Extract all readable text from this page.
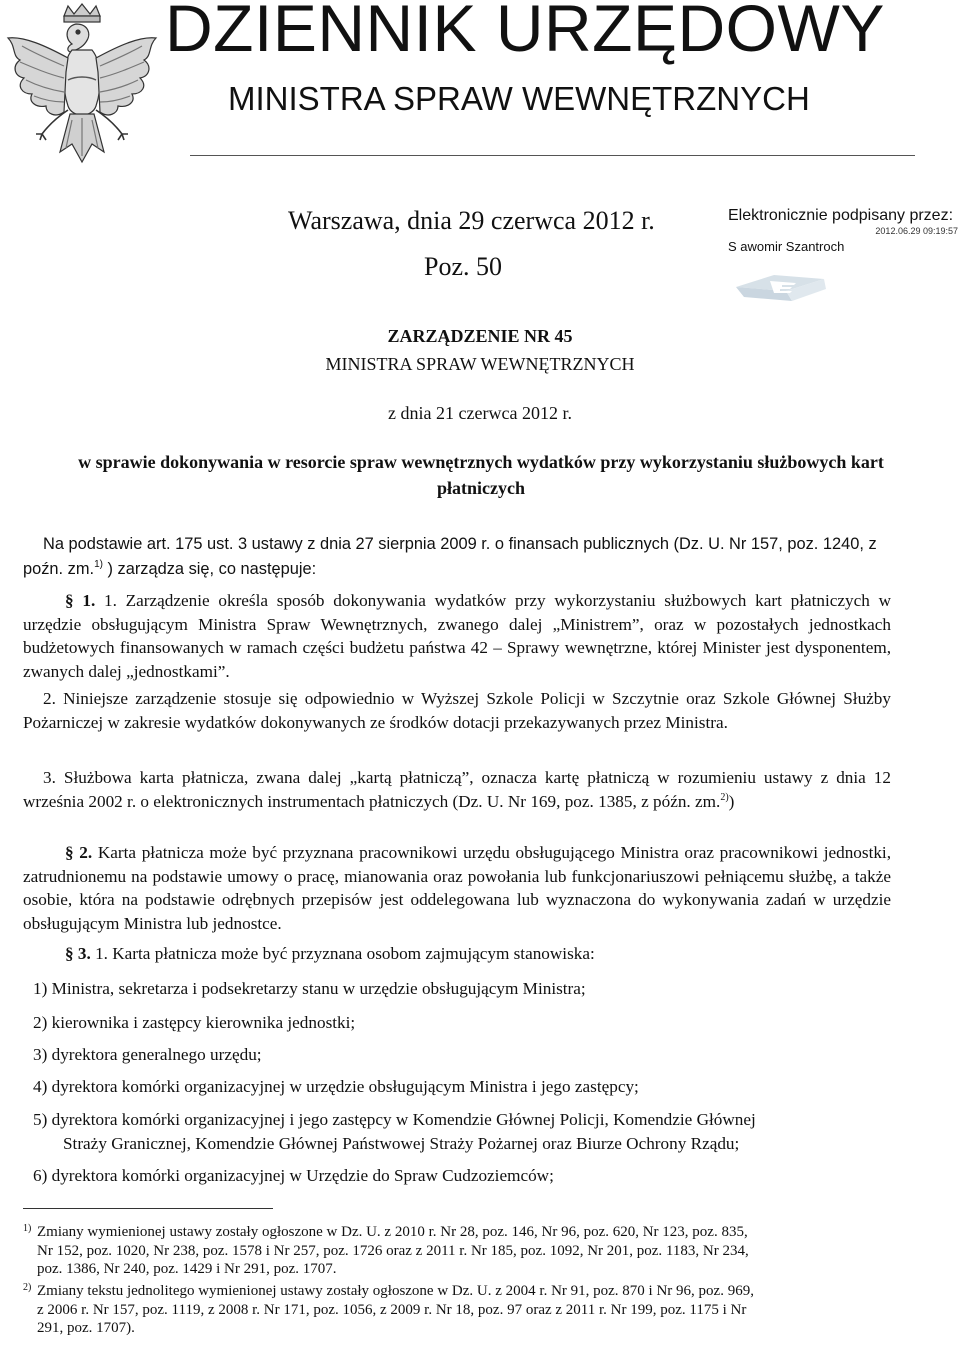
DZIENNIK URZĘDOWY
MINISTRA SPRAW WEWNĘTRZNYCH
Warszawa, dnia 29 czerwca 2012 r.
Poz. 50
Elektronicznie podpisany przez:
2012.06.29 09:19:57
S awomir Szantroch
ZARZĄDZENIE NR 45
MINISTRA SPRAW WEWNĘTRZNYCH
z dnia 21 czerwca 2012 r.
w sprawie dokonywania w resorcie spraw wewnętrznych wydatków przy wykorzystaniu służbowych kart płatniczych
Na podstawie art. 175 ust. 3 ustawy z dnia 27 sierpnia 2009 r. o finansach publicznych (Dz. U. Nr 157, poz. 1240, z poźn. zm.$^{1)}$ ) zarządza się, co następuje:
§ 1. 1. Zarządzenie określa sposób dokonywania wydatków przy wykorzystaniu służbowych kart płatniczych w urzędzie obsługującym Ministra Spraw Wewnętrznych, zwanego dalej „Ministrem”, oraz w pozostałych jednostkach budżetowych finansowanych w ramach części budżetu państwa 42 – Sprawy wewnętrzne, której Minister jest dysponentem, zwanych dalej „jednostkami”.
2. Niniejsze zarządzenie stosuje się odpowiednio w Wyższej Szkole Policji w Szczytnie oraz Szkole Głównej Służby Pożarniczej w zakresie wydatków dokonywanych ze środków dotacji przekazywanych przez Ministra.
3. Służbowa karta płatnicza, zwana dalej „kartą płatniczą”, oznacza kartę płatniczą w rozumieniu ustawy z dnia 12 września 2002 r. o elektronicznych instrumentach płatniczych (Dz. U. Nr 169, poz. 1385, z późn. zm.$^{2)}$)
§ 2. Karta płatnicza może być przyznana pracownikowi urzędu obsługującego Ministra oraz pracownikowi jednostki, zatrudnionemu na podstawie umowy o pracę, mianowania oraz powołania lub funkcjonariuszowi pełniącemu służbę, a także osobie, która na podstawie odrębnych przepisów jest oddelegowana lub wyznaczona do wykonywania zadań w urzędzie obsługującym Ministra lub jednostce.
§ 3. 1. Karta płatnicza może być przyznana osobom zajmującym stanowiska:
1) Ministra, sekretarza i podsekretarzy stanu w urzędzie obsługującym Ministra;
2) kierownika i zastępcy kierownika jednostki;
3) dyrektora generalnego urzędu;
4) dyrektora komórki organizacyjnej w urzędzie obsługującym Ministra i jego zastępcy;
5) dyrektora komórki organizacyjnej i jego zastępcy w Komendzie Głównej Policji, Komendzie Głównej
Straży Granicznej, Komendzie Głównej Państwowej Straży Pożarnej oraz Biurze Ochrony Rządu;
6) dyrektora komórki organizacyjnej w Urzędzie do Spraw Cudzoziemców;
1) Zmiany wymienionej ustawy zostały ogłoszone w Dz. U. z 2010 r. Nr 28, poz. 146, Nr 96, poz. 620, Nr 123, poz. 835,
Nr 152, poz. 1020, Nr 238, poz. 1578 i Nr 257, poz. 1726 oraz z 2011 r. Nr 185, poz. 1092, Nr 201, poz. 1183, Nr 234,
poz. 1386, Nr 240, poz. 1429 i Nr 291, poz. 1707.
2) Zmiany tekstu jednolitego wymienionej ustawy zostały ogłoszone w Dz. U. z 2004 r. Nr 91, poz. 870 i Nr 96, poz. 969,
z 2006 r. Nr 157, poz. 1119, z 2008 r. Nr 171, poz. 1056, z 2009 r. Nr 18, poz. 97 oraz z 2011 r. Nr 199, poz. 1175 i Nr
291, poz. 1707).
